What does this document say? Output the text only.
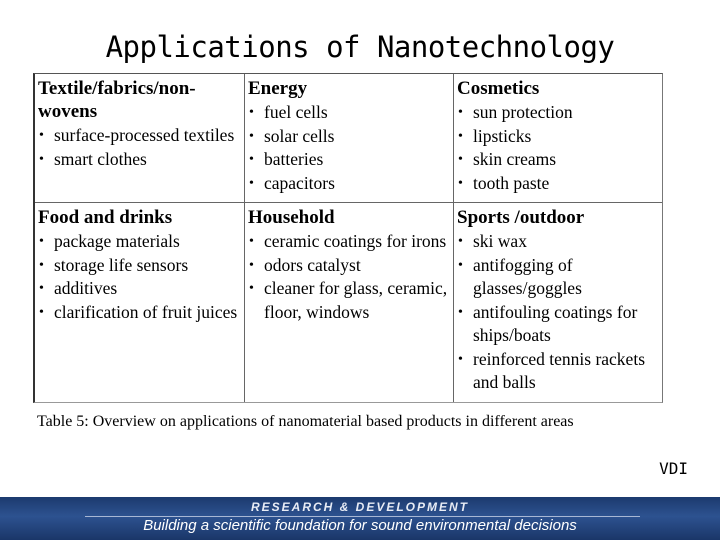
Applications of Nanotechnology
Textile/fabrics/non-wovens
• surface-processed textiles
• smart clothes
Energy
• fuel cells
• solar cells
• batteries
• capacitors
Cosmetics
• sun protection
• lipsticks
• skin creams
• tooth paste
Food and drinks
• package materials
• storage life sensors
• additives
• clarification of fruit juices
Household
• ceramic coatings for irons
• odors catalyst
• cleaner for glass, ceramic, floor, windows
Sports /outdoor
• ski wax
• antifogging of glasses/goggles
• antifouling coatings for ships/boats
• reinforced tennis rackets and balls
Table 5: Overview on applications of nanomaterial based products in different areas
VDI
RESEARCH & DEVELOPMENT
Building a scientific foundation for sound environmental decisions
